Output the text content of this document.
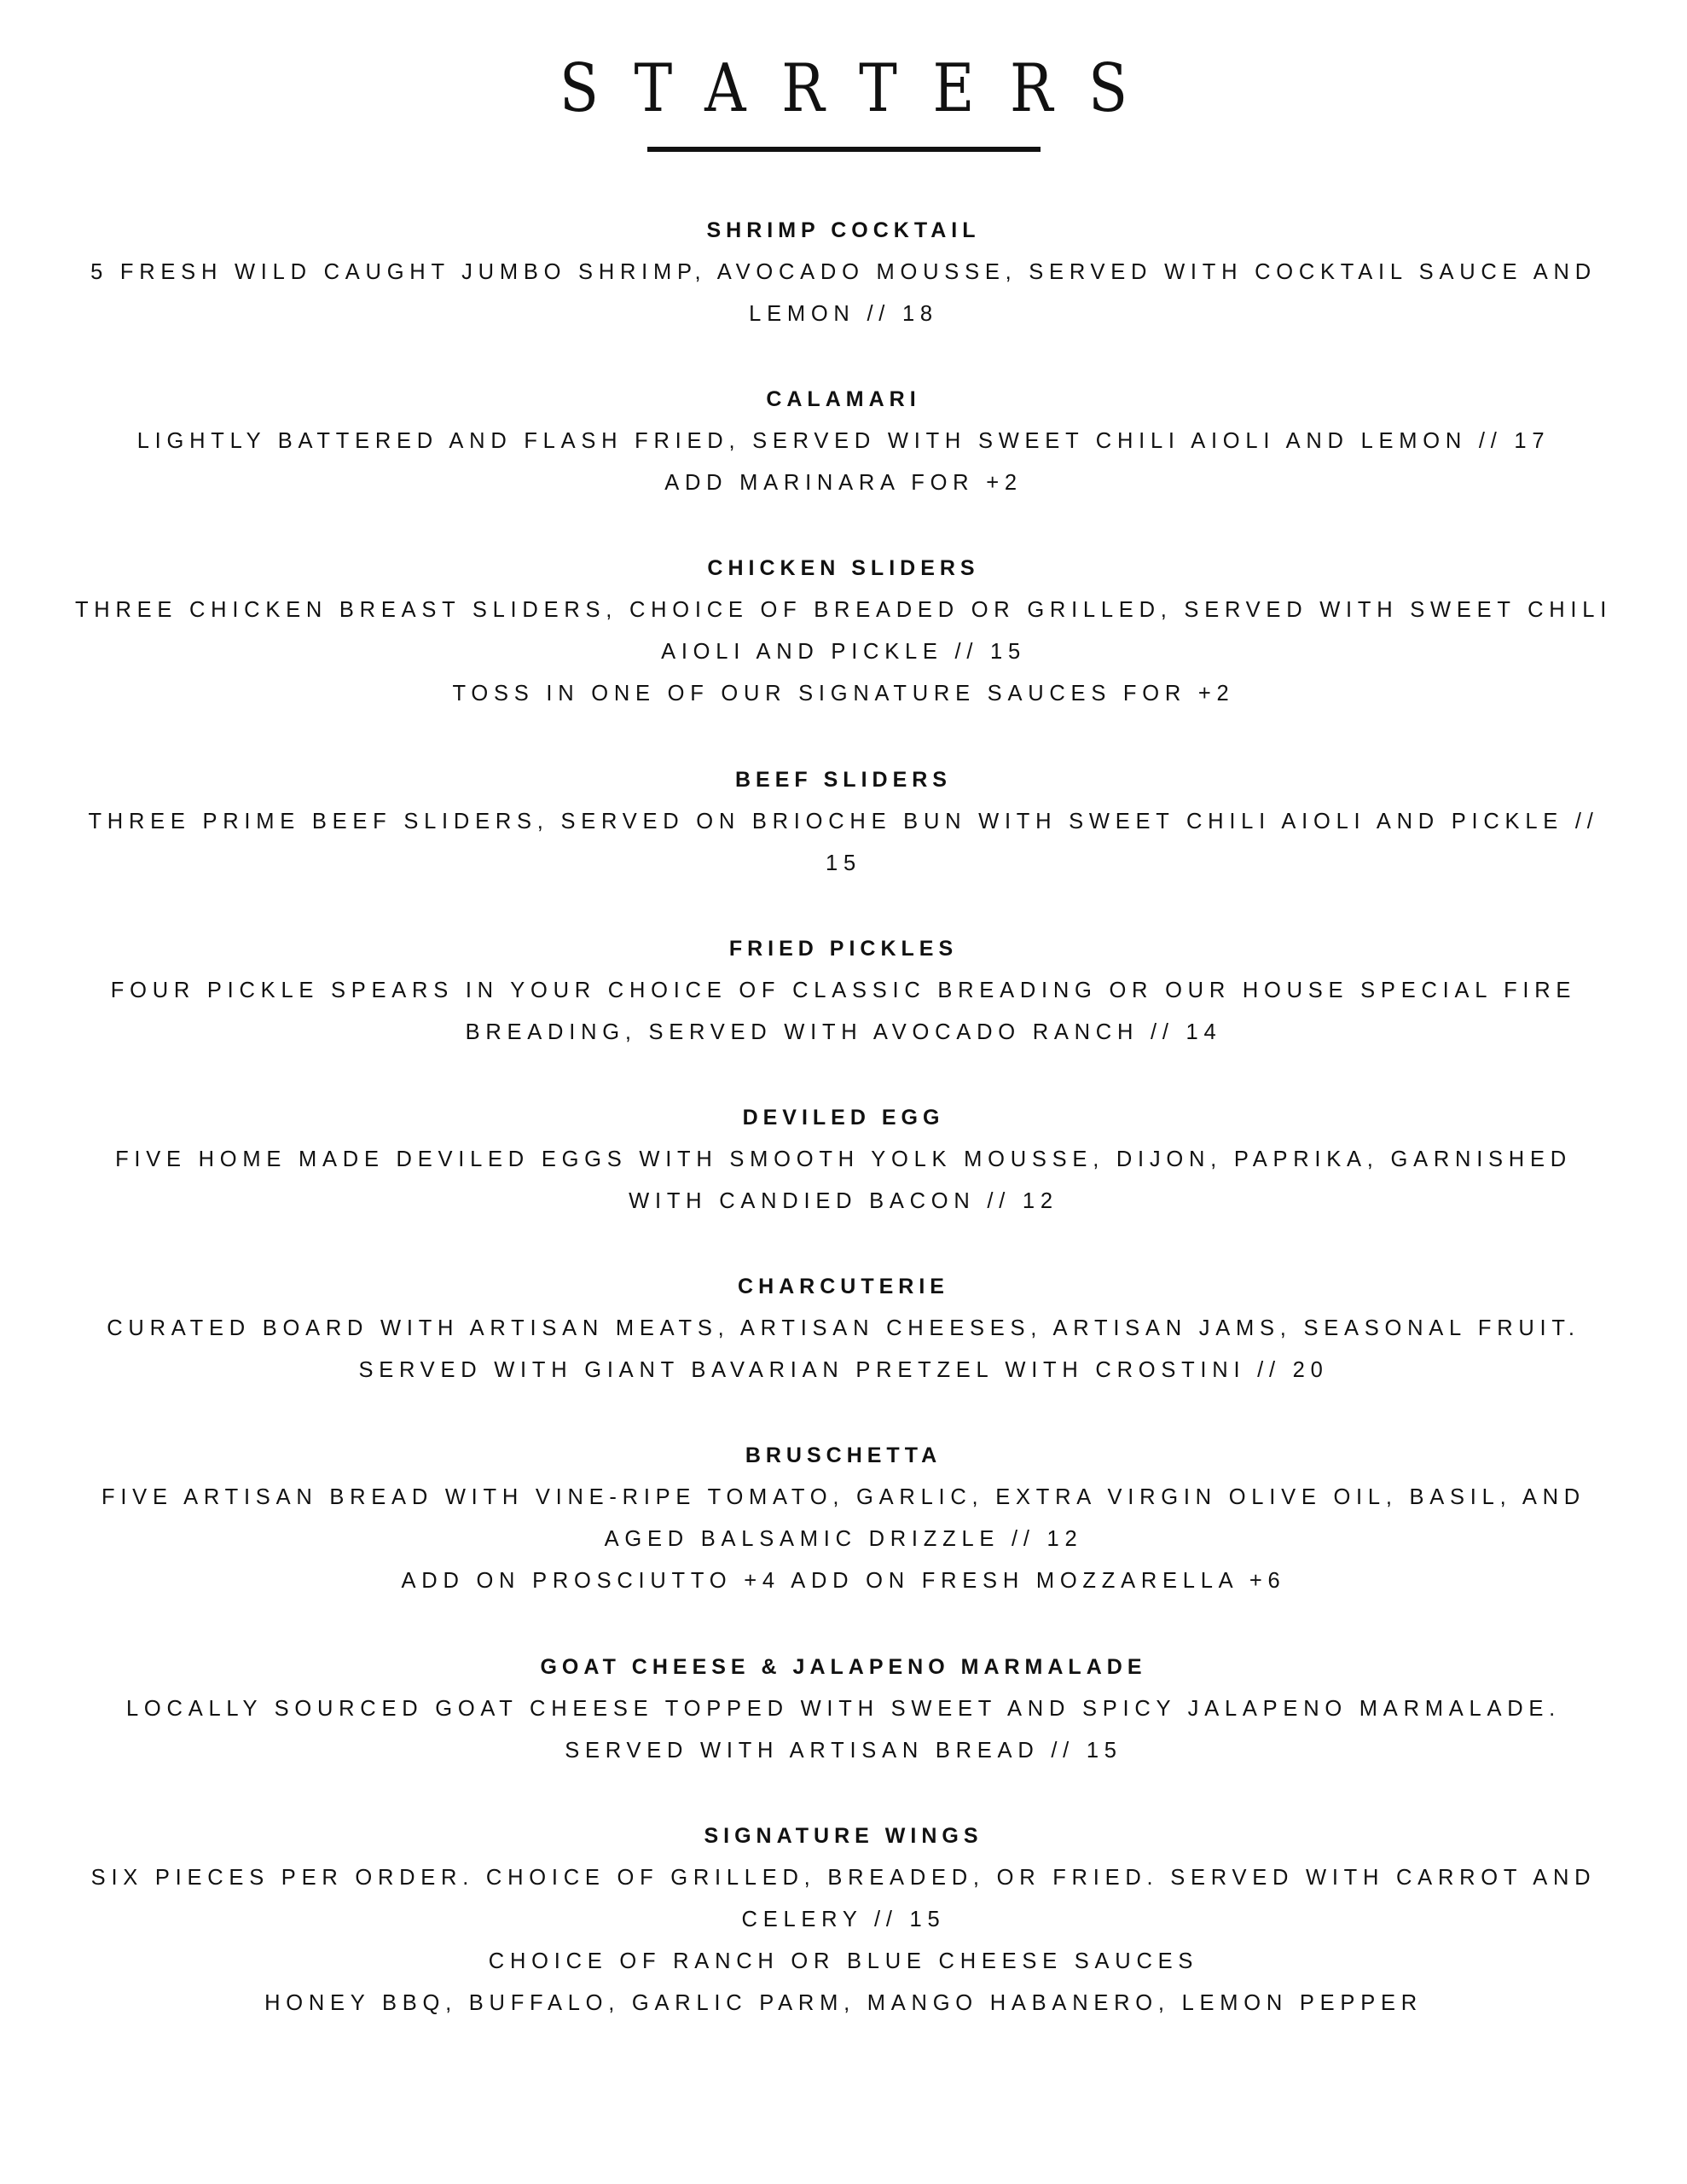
STARTERS
SHRIMP COCKTAIL
5 FRESH WILD CAUGHT JUMBO SHRIMP, AVOCADO MOUSSE, SERVED WITH COCKTAIL SAUCE AND
LEMON // 18
CALAMARI
LIGHTLY BATTERED AND FLASH FRIED, SERVED WITH SWEET CHILI AIOLI AND LEMON // 17
ADD MARINARA FOR +2
CHICKEN SLIDERS
THREE CHICKEN BREAST SLIDERS, CHOICE OF BREADED OR GRILLED, SERVED WITH SWEET CHILI
AIOLI AND PICKLE // 15
TOSS IN ONE OF OUR SIGNATURE SAUCES FOR +2
BEEF SLIDERS
THREE PRIME BEEF SLIDERS, SERVED ON BRIOCHE BUN WITH SWEET CHILI AIOLI AND PICKLE //
15
FRIED PICKLES
FOUR PICKLE SPEARS IN YOUR CHOICE OF CLASSIC BREADING OR OUR HOUSE SPECIAL FIRE
BREADING, SERVED WITH AVOCADO RANCH // 14
DEVILED EGG
FIVE HOME MADE DEVILED EGGS WITH SMOOTH YOLK MOUSSE, DIJON, PAPRIKA, GARNISHED
WITH CANDIED BACON // 12
CHARCUTERIE
CURATED BOARD WITH ARTISAN MEATS, ARTISAN CHEESES, ARTISAN JAMS, SEASONAL FRUIT.
SERVED WITH GIANT BAVARIAN PRETZEL WITH CROSTINI // 20
BRUSCHETTA
FIVE ARTISAN BREAD WITH VINE-RIPE TOMATO, GARLIC, EXTRA VIRGIN OLIVE OIL, BASIL, AND
AGED BALSAMIC DRIZZLE // 12
ADD ON PROSCIUTTO +4 ADD ON FRESH MOZZARELLA +6
GOAT CHEESE & JALAPENO MARMALADE
LOCALLY SOURCED GOAT CHEESE TOPPED WITH SWEET AND SPICY JALAPENO MARMALADE.
SERVED WITH ARTISAN BREAD // 15
SIGNATURE WINGS
SIX PIECES PER ORDER. CHOICE OF GRILLED, BREADED, OR FRIED. SERVED WITH CARROT AND
CELERY // 15
CHOICE OF RANCH OR BLUE CHEESE SAUCES
HONEY BBQ, BUFFALO, GARLIC PARM, MANGO HABANERO, LEMON PEPPER
